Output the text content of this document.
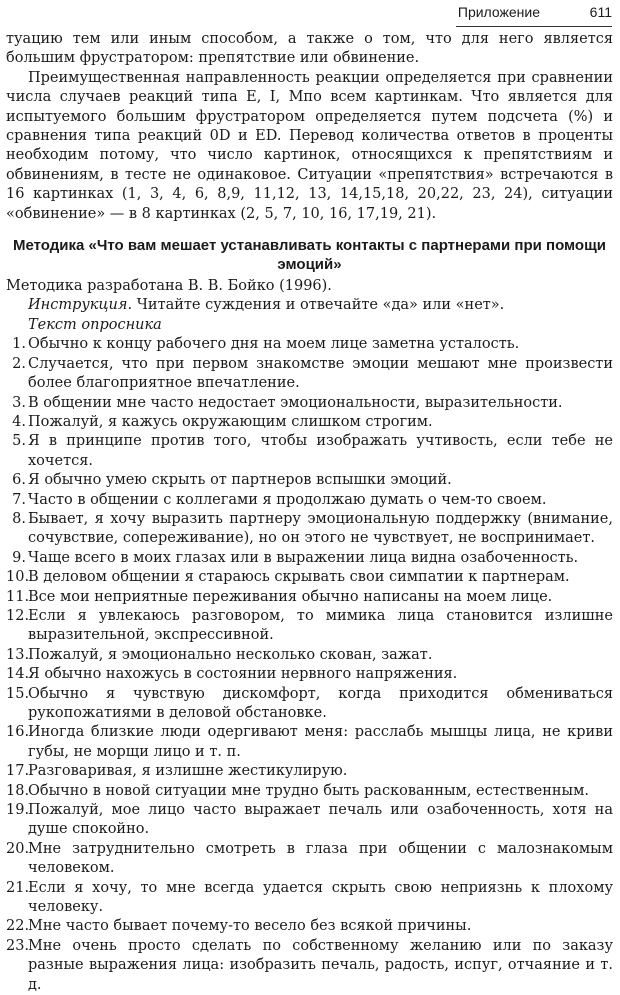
Приложение	611

туацию тем или иным способом, а также о том, что для него является большим фрустратором: препятствие или обвинение.

Преимущественная направленность реакции определяется при сравнении числа случаев реакций типа E, I, Мпо всем картинкам. Что является для испытуемого большим фрустратором определяется путем подсчета (%) и сравнения типа реакций 0D и ED. Перевод количества ответов в проценты необходим потому, что число картинок, относящихся к препятствиям и обвинениям, в тесте не одинаковое. Ситуации «препятствия» встречаются в 16 картинках (1, 3, 4, 6, 8,9, 11,12, 13, 14,15,18, 20,22, 23, 24), ситуации «обвинение» — в 8 картинках (2, 5, 7, 10, 16, 17,19, 21).

Методика «Что вам мешает устанавливать контакты с партнерами при помощи эмоций»

Методика разработана В. В. Бойко (1996).

Инструкция. Читайте суждения и отвечайте «да» или «нет».

Текст опросника

1. Обычно к концу рабочего дня на моем лице заметна усталость.
2. Случается, что при первом знакомстве эмоции мешают мне произвести более благоприятное впечатление.
3. В общении мне часто недостает эмоциональности, выразительности.
4. Пожалуй, я кажусь окружающим слишком строгим.
5. Я в принципе против того, чтобы изображать учтивость, если тебе не хочется.
6. Я обычно умею скрыть от партнеров вспышки эмоций.
7. Часто в общении с коллегами я продолжаю думать о чем-то своем.
8. Бывает, я хочу выразить партнеру эмоциональную поддержку (внимание, сочувствие, сопереживание), но он этого не чувствует, не воспринимает.
9. Чаще всего в моих глазах или в выражении лица видна озабоченность.
10.
В деловом общении я стараюсь скрывать свои симпатии к партнерам.
11.
Все мои неприятные переживания обычно написаны на моем лице.
12.
Если я увлекаюсь разговором, то мимика лица становится излишне выразительной, экспрессивной.
13.
Пожалуй, я эмоционально несколько скован, зажат.
14.
Я обычно нахожусь в состоянии нервного напряжения.
15.
Обычно я чувствую дискомфорт, когда приходится обмениваться рукопожатиями в деловой обстановке.
16.
Иногда близкие люди одергивают меня: расслабь мышцы лица, не криви губы, не морщи лицо и т. п.
17.
Разговаривая, я излишне жестикулирую.
18.
Обычно в новой ситуации мне трудно быть раскованным, естественным.
19.
Пожалуй, мое лицо часто выражает печаль или озабоченность, хотя на душе спокойно.
20.
Мне затруднительно смотреть в глаза при общении с малознакомым человеком.
21.
Если я хочу, то мне всегда удается скрыть свою неприязнь к плохому человеку.
22.
Мне часто бывает почему-то весело без всякой причины.
23.
Мне очень просто сделать по собственному желанию или по заказу разные выражения лица: изобразить печаль, радость, испуг, отчаяние и т. д.
